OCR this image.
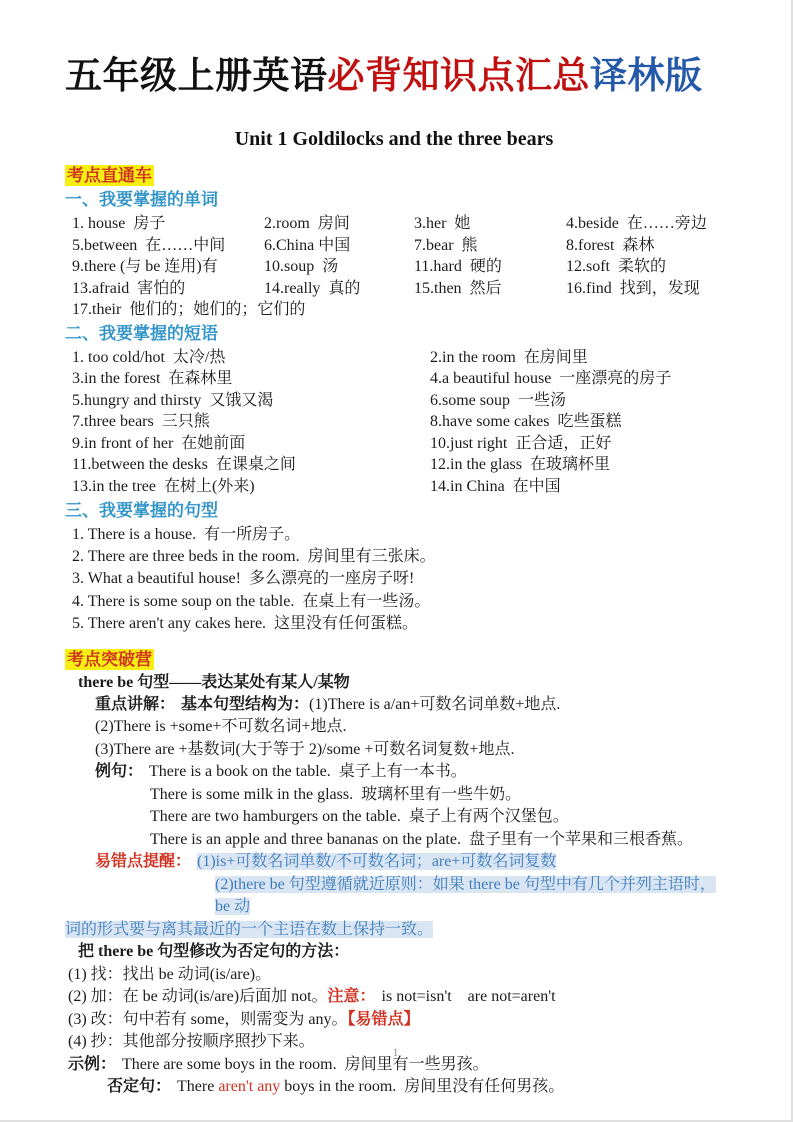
五年级上册英语必背知识点汇总译林版
Unit 1 Goldilocks and the three bears
考点直通车
一、我要掌握的单词
1. house  房子	2.room  房间	3.her  她	4.beside  在……旁边
5.between  在……中间	6.China 中国	7.bear  熊	8.forest  森林
9.there (与 be 连用)有	10.soup  汤	11.hard  硬的	12.soft  柔软的
13.afraid  害怕的	14.really  真的	15.then  然后	16.find  找到，发现
17.their  他们的；她们的；它们的
二、我要掌握的短语
1. too cold/hot  太冷/热	2.in the room  在房间里
3.in the forest  在森林里	4.a beautiful house  一座漂亮的房子
5.hungry and thirsty  又饿又渴	6.some soup  一些汤
7.three bears  三只熊	8.have some cakes  吃些蛋糕
9.in front of her  在她前面	10.just right  正合适，正好
11.between the desks  在课桌之间	12.in the glass  在玻璃杯里
13.in the tree  在树上(外来)	14.in China  在中国
三、我要掌握的句型
1. There is a house.  有一所房子。
2. There are three beds in the room.  房间里有三张床。
3. What a beautiful house!  多么漂亮的一座房子呀!
4. There is some soup on the table.  在桌上有一些汤。
5. There aren't any cakes here.  这里没有任何蛋糕。
考点突破营
there be 句型——表达某处有某人/某物
重点讲解： 基本句型结构为：(1)There is a/an+可数名词单数+地点.
(2)There is +some+不可数名词+地点.
(3)There are +基数词(大于等于 2)/some +可数名词复数+地点.
例句： There is a book on the table.  桌子上有一本书。
There is some milk in the glass.  玻璃杯里有一些牛奶。
There are two hamburgers on the table.  桌子上有两个汉堡包。
There is an apple and three bananas on the plate.  盘子里有一个苹果和三根香蕉。
易错点提醒： (1)is+可数名词单数/不可数名词；are+可数名词复数
(2)there be 句型遵循就近原则：如果 there be 句型中有几个并列主语时，be 动
词的形式要与离其最近的一个主语在数上保持一致。
把 there be 句型修改为否定句的方法：
(1) 找：找出 be 动词(is/are)。
(2) 加：在 be 动词(is/are)后面加 not。注意： is not=isn't　are not=aren't
(3) 改：句中若有 some，则需变为 any。【易错点】
(4) 抄：其他部分按顺序照抄下来。
示例： There are some boys in the room.  房间里有一些男孩。
否定句： There aren't any boys in the room.  房间里没有任何男孩。
1
